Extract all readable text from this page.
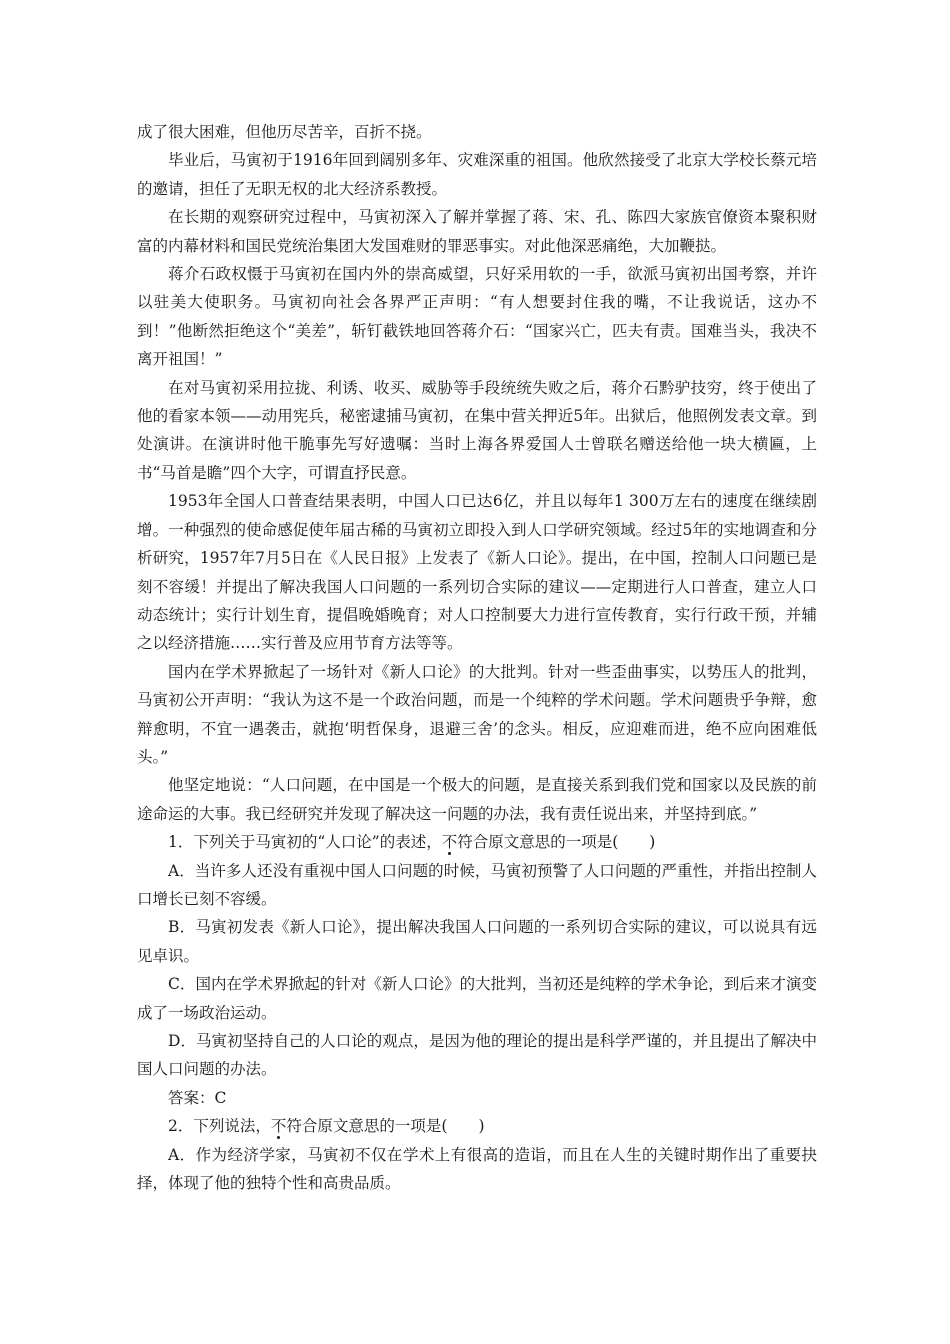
成了很大困难，但他历尽苦辛，百折不挠。

毕业后，马寅初于1916年回到阔别多年、灾难深重的祖国。他欣然接受了北京大学校长蔡元培的邀请，担任了无职无权的北大经济系教授。

在长期的观察研究过程中，马寅初深入了解并掌握了蒋、宋、孔、陈四大家族官僚资本聚积财富的内幕材料和国民党统治集团大发国难财的罪恶事实。对此他深恶痛绝，大加鞭挞。

蒋介石政权慑于马寅初在国内外的崇高威望，只好采用软的一手，欲派马寅初出国考察，并许以驻美大使职务。马寅初向社会各界严正声明：“有人想要封住我的嘴，不让我说话，这办不到！”他断然拒绝这个“美差”，斩钉截铁地回答蒋介石：“国家兴亡，匹夫有责。国难当头，我决不离开祖国！”

在对马寅初采用拉拢、利诱、收买、威胁等手段统统失败之后，蒋介石黔驴技穷，终于使出了他的看家本领——动用宪兵，秘密逮捕马寅初，在集中营关押近5年。出狱后，他照例发表文章。到处演讲。在演讲时他干脆事先写好遗嘱：当时上海各界爱国人士曾联名赠送给他一块大横匾，上书“马首是瞻”四个大字，可谓直抒民意。

1953年全国人口普查结果表明，中国人口已达6亿，并且以每年1 300万左右的速度在继续剧增。一种强烈的使命感促使年届古稀的马寅初立即投入到人口学研究领域。经过5年的实地调查和分析研究，1957年7月5日在《人民日报》上发表了《新人口论》。提出，在中国，控制人口问题已是刻不容缓！并提出了解决我国人口问题的一系列切合实际的建议——定期进行人口普查，建立人口动态统计；实行计划生育，提倡晚婚晚育；对人口控制要大力进行宣传教育，实行行政干预，并辅之以经济措施……实行普及应用节育方法等等。

国内在学术界掀起了一场针对《新人口论》的大批判。针对一些歪曲事实，以势压人的批判，马寅初公开声明：“我认为这不是一个政治问题，而是一个纯粹的学术问题。学术问题贵乎争辩，愈辩愈明，不宜一遇袭击，就抱‘明哲保身，退避三舍’的念头。相反，应迎难而进，绝不应向困难低头。”

他坚定地说：“人口问题，在中国是一个极大的问题，是直接关系到我们党和国家以及民族的前途命运的大事。我已经研究并发现了解决这一问题的办法，我有责任说出来，并坚持到底。”

1．下列关于马寅初的“人口论”的表述，不符合原文意思的一项是(　　)

A．当许多人还没有重视中国人口问题的时候，马寅初预警了人口问题的严重性，并指出控制人口增长已刻不容缓。

B．马寅初发表《新人口论》，提出解决我国人口问题的一系列切合实际的建议，可以说具有远见卓识。

C．国内在学术界掀起的针对《新人口论》的大批判，当初还是纯粹的学术争论，到后来才演变成了一场政治运动。

D．马寅初坚持自己的人口论的观点，是因为他的理论的提出是科学严谨的，并且提出了解决中国人口问题的办法。

答案：C

2．下列说法，不符合原文意思的一项是(　　)

A．作为经济学家，马寅初不仅在学术上有很高的造诣，而且在人生的关键时期作出了重要抉择，体现了他的独特个性和高贵品质。
